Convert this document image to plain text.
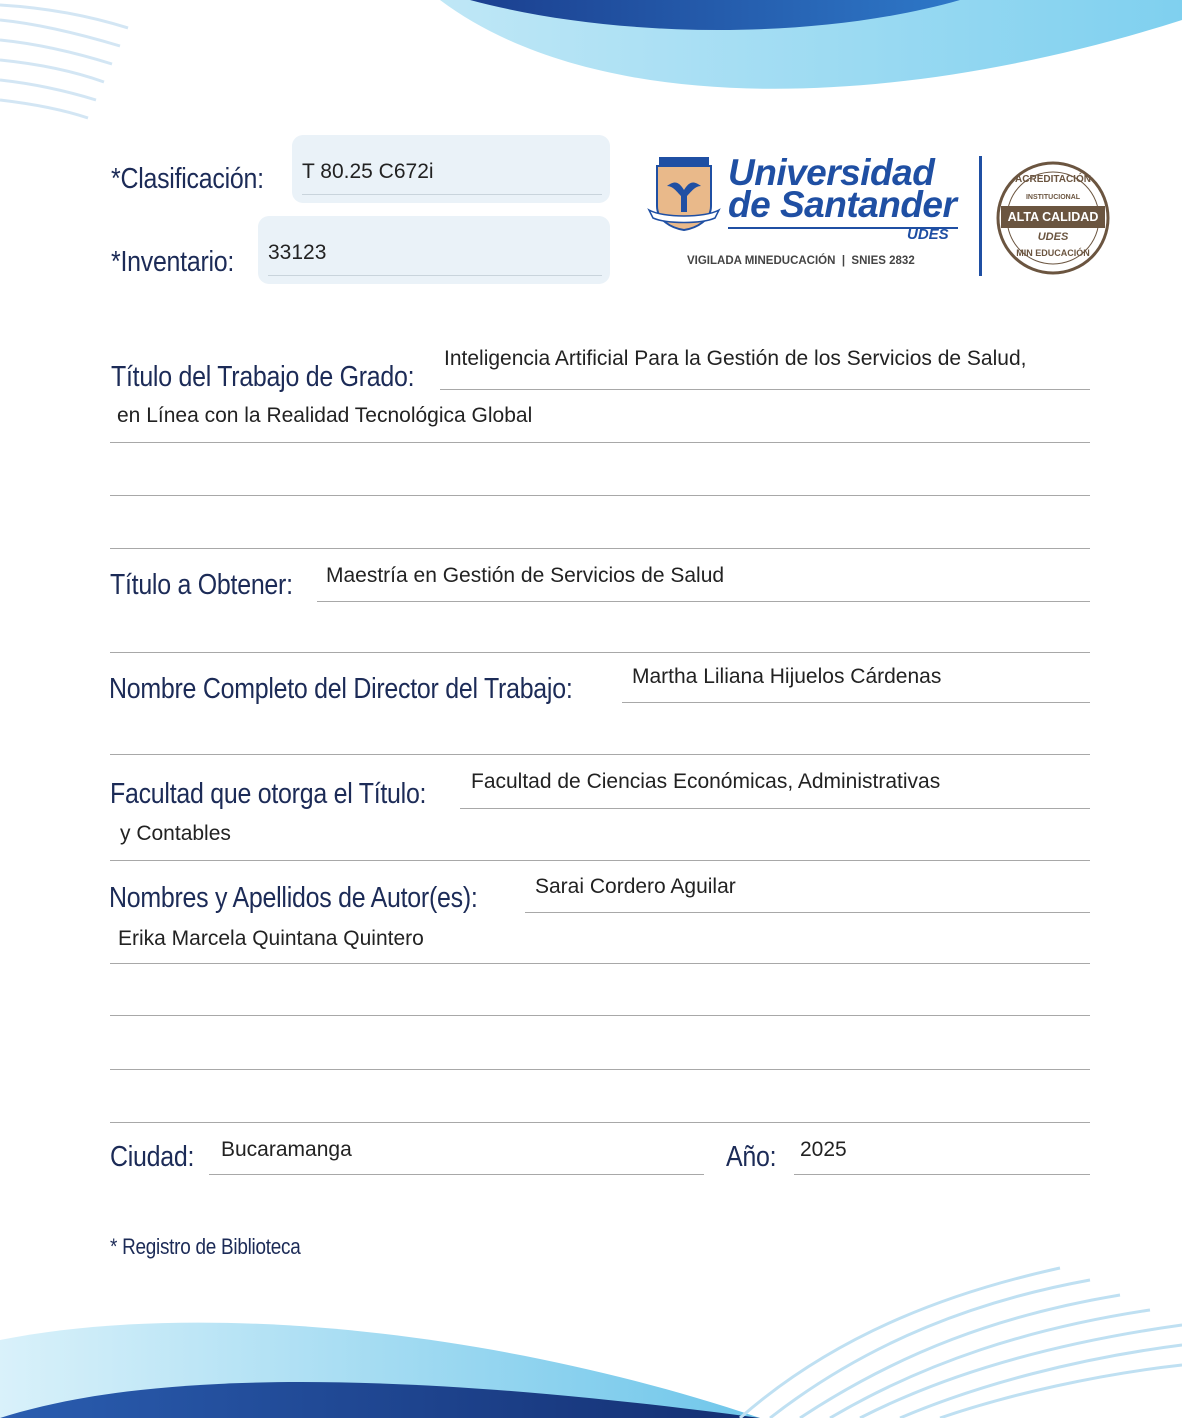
*Clasificación: T 80.25 C672i
*Inventario: 33123
Universidad
de Santander
UDES
VIGILADA MINEDUCACIÓN  |  SNIES 2832
ACREDITACIÓN
INSTITUCIONAL
ALTA CALIDAD
UDES
MIN EDUCACIÓN
Título del Trabajo de Grado:
Inteligencia Artificial Para la Gestión de los Servicios de Salud,
en Línea con la Realidad Tecnológica Global
Título a Obtener: Maestría en Gestión de Servicios de Salud
Nombre Completo del Director del Trabajo:	Martha Liliana Hijuelos Cárdenas
Facultad que otorga el Título: Facultad de Ciencias Económicas, Administrativas
y Contables
Nombres y Apellidos de Autor(es):	Sarai Cordero Aguilar
Erika Marcela Quintana Quintero
Ciudad: Bucaramanga	Año: 2025
* Registro de Biblioteca
